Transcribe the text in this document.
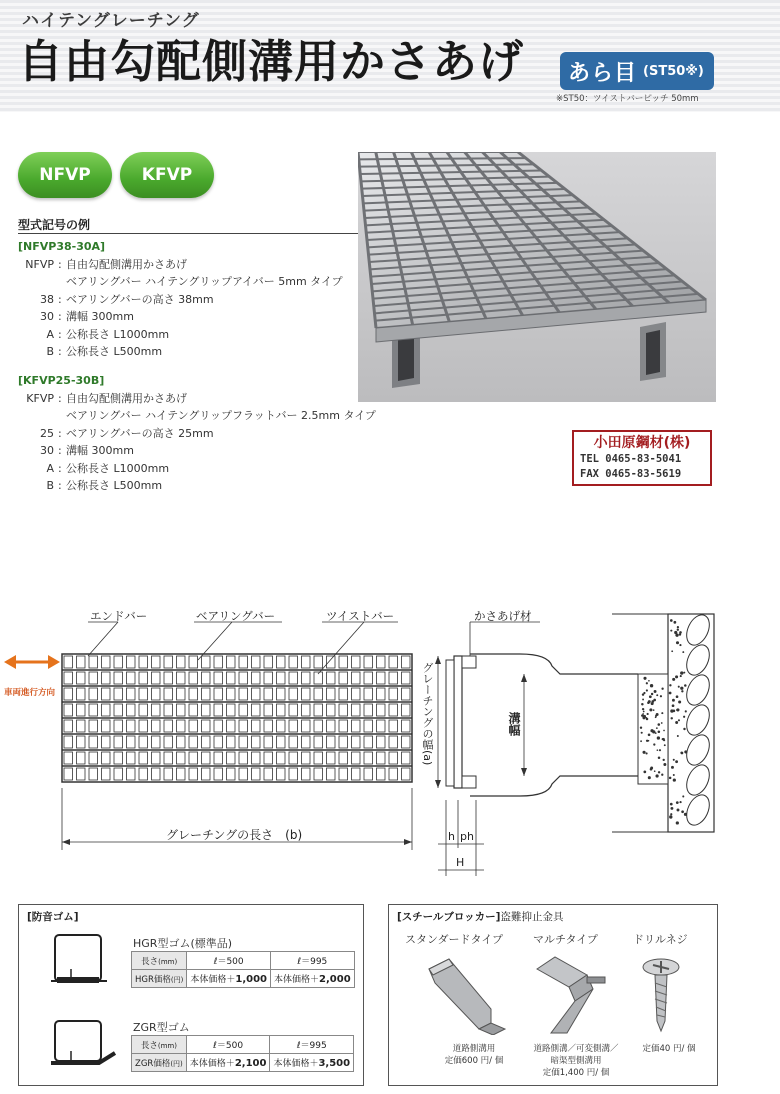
ハイテングレーチング
自由勾配側溝用かさあげ あら目 (ST50※)
※ST50：ツイストバーピッチ 50mm
NFVP	KFVP
型式記号の例
[NFVP38-30A]
NFVP : 自由勾配側溝用かさあげ
ベアリングバー ハイテングリップアイバー 5mm タイプ
38 : ベアリングバーの高さ 38mm
30 : 溝幅 300mm
A : 公称長さ L1000mm
B : 公称長さ L500mm
[KFVP25-30B]
KFVP : 自由勾配側溝用かさあげ
ベアリングバー ハイテングリップフラットバー 2.5mm タイプ
25 : ベアリングバーの高さ 25mm
30 : 溝幅 300mm
A : 公称長さ L1000mm
B : 公称長さ L500mm
小田原鋼材(株)
TEL 0465-83-5041
FAX 0465-83-5619
エンドバー	ベアリングバー	ツイストバー
車両進行方向
グレーチングの長さ　(b)
かさあげ材
グレーチングの幅(a)	溝幅
h ph
H
[防音ゴム]
HGR型ゴム(標準品)
長さ(mm)	ℓ＝500	ℓ＝995
HGR価格(円)	本体価格＋1,000	本体価格＋2,000
ZGR型ゴム
長さ(mm)	ℓ＝500	ℓ＝995
ZGR価格(円)	本体価格＋2,100	本体価格＋3,500
[スチールブロッカー]盗難抑止金具
スタンダードタイプ	マルチタイプ	ドリルネジ
道路側溝用
定価600 円/ 個
道路側溝／可変側溝／
暗渠型側溝用
定価1,400 円/ 個
定価40 円/ 個
